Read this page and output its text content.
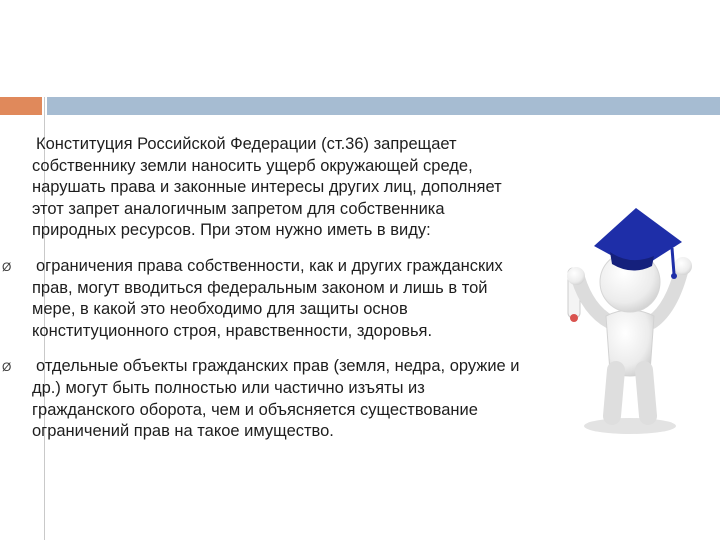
Конституция Российской Федерации (ст.36) запрещает собственнику земли наносить ущерб окружающей среде, нарушать права и законные интересы других лиц, дополняет этот запрет аналогичным запретом для собственника природных ресурсов. При этом нужно иметь в виду:

Ø ограничения права собственности, как и других гражданских прав, могут вводиться федеральным законом и лишь в той мере, в какой это необходимо для защиты основ конституционного строя, нравственности, здоровья.
Ø отдельные объекты гражданских прав (земля, недра, оружие и др.) могут быть полностью или частично изъяты из гражданского оборота, чем и объясняется существование ограничений прав на такое имущество.
